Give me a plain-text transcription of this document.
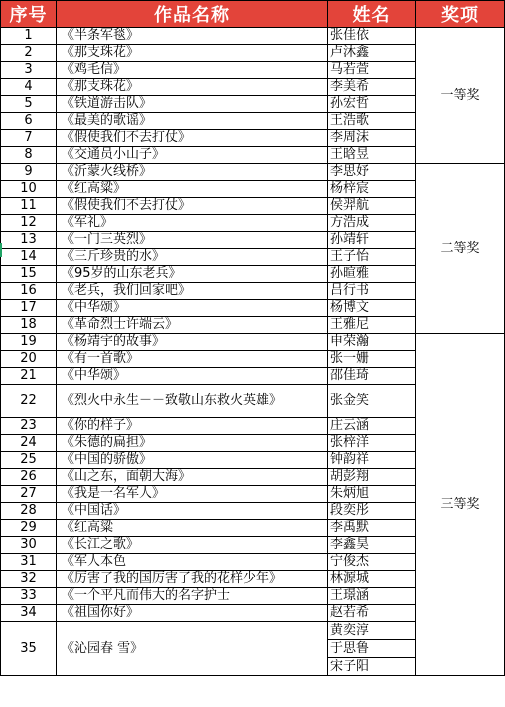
序号	作品名称	姓名	奖项
1	《半条军毯》	张佳依	一等奖
2	《那支珠花》	卢沐鑫	
3	《鸡毛信》	马若萱	
4	《那支珠花》	李美希	
5	《铁道游击队》	孙宏哲	
6	《最美的歌谣》	王浩歌	
7	《假使我们不去打仗》	李周沫	
8	《交通员小山子》	王晗昱	
9	《沂蒙火线桥》	李思妤	二等奖
10	《红高粱》	杨梓宸	
11	《假使我们不去打仗》	侯羿航	
12	《军礼》	方浩成	
13	《一门三英烈》	孙靖轩	
14	《三斤珍贵的水》	王子怡	
15	《95岁的山东老兵》	孙暄雅	
16	《老兵，我们回家吧》	吕行书	
17	《中华颂》	杨博文	
18	《革命烈士许端云》	王雅尼	
19	《杨靖宇的故事》	申荣瀚	三等奖
20	《有一首歌》	张一姗	
21	《中华颂》	邵佳琦	
22	《烈火中永生－－致敬山东救火英雄》	张金笑	
23	《你的样子》	庄云涵	
24	《朱德的扁担》	张梓洋	
25	《中国的骄傲》	钟韵祥	
26	《山之东，面朝大海》	胡彭翔	
27	《我是一名军人》	朱炳旭	
28	《中国话》	段奕彤	
29	《红高粱	李禹默	
30	《长江之歌》	李鑫昊	
31	《军人本色	宁俊杰	
32	《厉害了我的国厉害了我的花样少年》	林源城	
33	《一个平凡而伟大的名字护士	王璟涵	
34	《祖国你好》	赵若希	
35	《沁园春 雪》	黄奕淳
于思鲁
宋子阳	
